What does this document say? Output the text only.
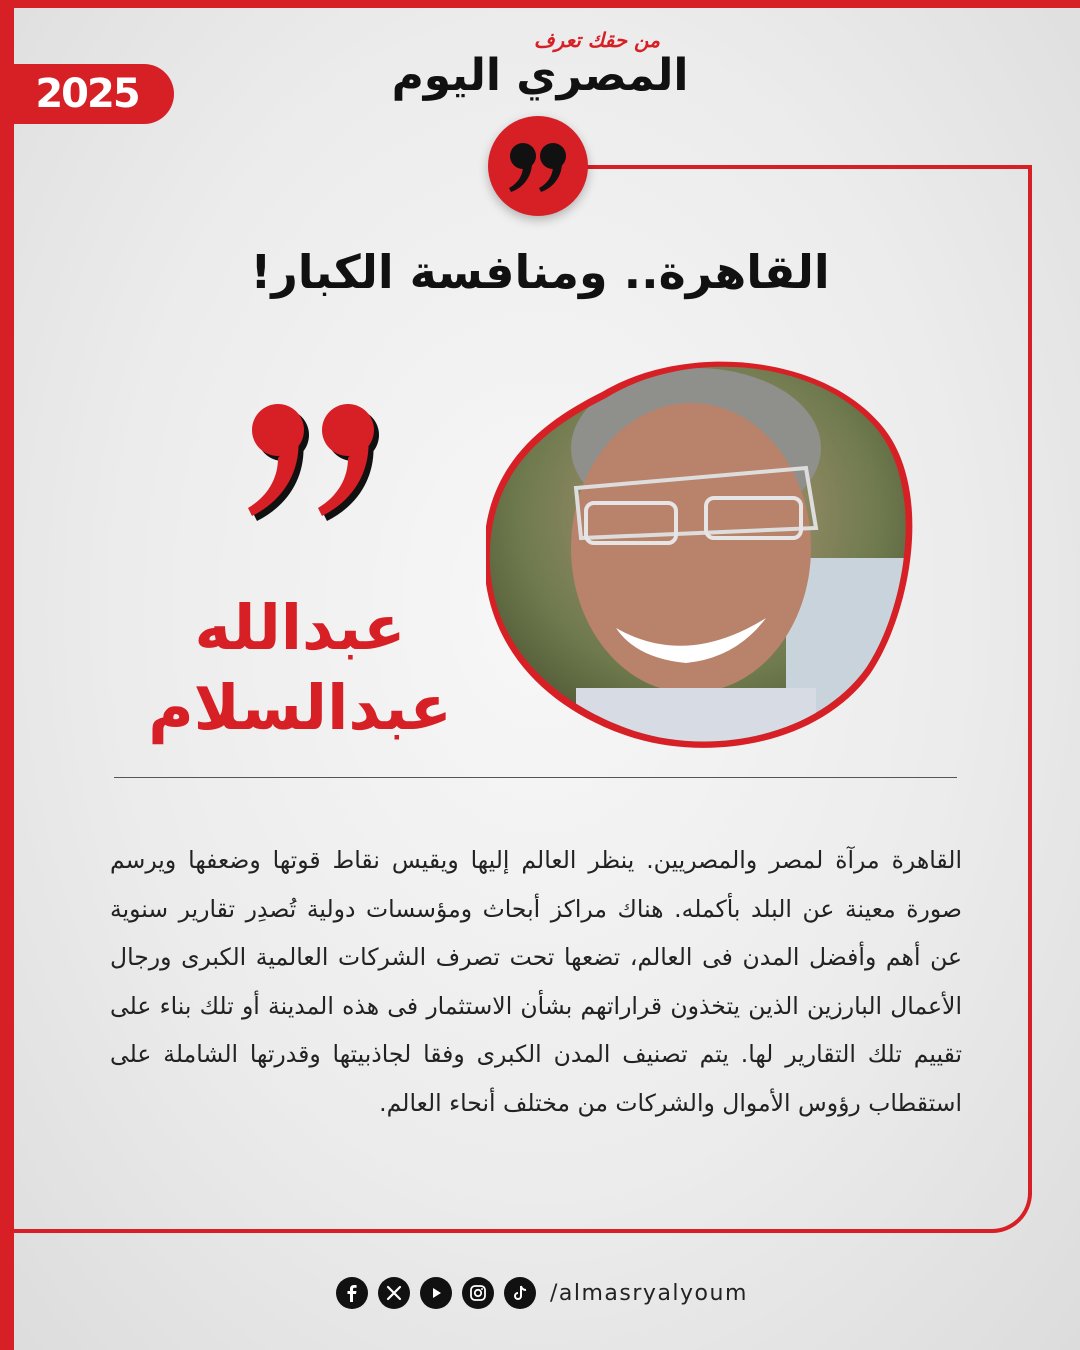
2025
من حقك تعرف
المصري اليوم
القاهرة.. ومنافسة الكبار!
عبدالله
عبدالسلام
القاهرة مرآة لمصر والمصريين. ينظر العالم إليها ويقيس نقاط قوتها وضعفها ويرسم صورة معينة عن البلد بأكمله. هناك مراكز أبحاث ومؤسسات دولية تُصدِر تقارير سنوية عن أهم وأفضل المدن فى العالم، تضعها تحت تصرف الشركات العالمية الكبرى ورجال الأعمال البارزين الذين يتخذون قراراتهم بشأن الاستثمار فى هذه المدينة أو تلك بناء على تقييم تلك التقارير لها. يتم تصنيف المدن الكبرى وفقا لجاذبيتها وقدرتها الشاملة على استقطاب رؤوس الأموال والشركات من مختلف أنحاء العالم.
/almasryalyoum
